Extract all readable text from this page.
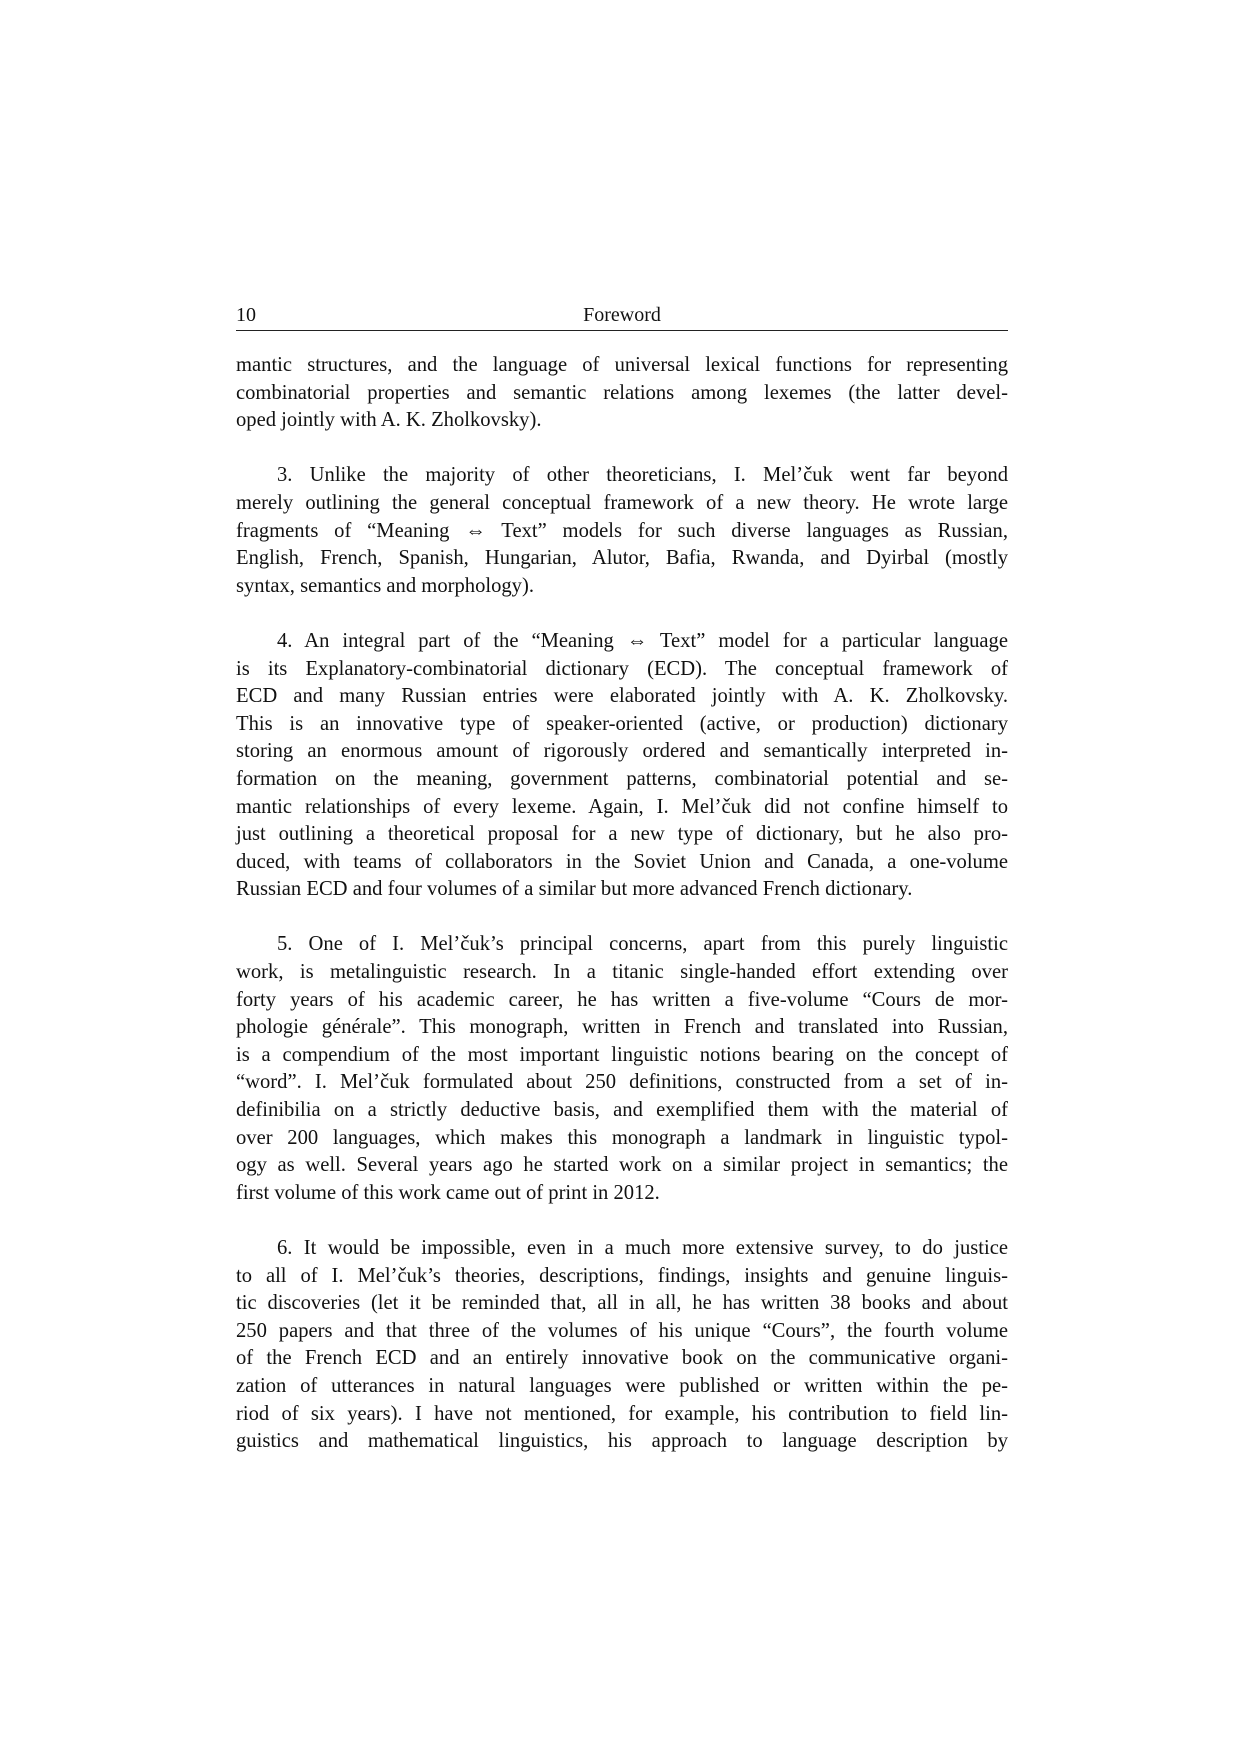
10	Foreword
mantic structures, and the language of universal lexical functions for representing
combinatorial properties and semantic relations among lexemes (the latter devel-
oped jointly with A. K. Zholkovsky).
3. Unlike the majority of other theoreticians, I. Mel’čuk went far beyond
merely outlining the general conceptual framework of a new theory. He wrote large
fragments of “Meaning ⇔ Text” models for such diverse languages as Russian,
English, French, Spanish, Hungarian, Alutor, Bafia, Rwanda, and Dyirbal (mostly
syntax, semantics and morphology).
4. An integral part of the “Meaning ⇔ Text” model for a particular language
is its Explanatory-combinatorial dictionary (ECD). The conceptual framework of
ECD and many Russian entries were elaborated jointly with A. K. Zholkovsky.
This is an innovative type of speaker-oriented (active, or production) dictionary
storing an enormous amount of rigorously ordered and semantically interpreted in-
formation on the meaning, government patterns, combinatorial potential and se-
mantic relationships of every lexeme. Again, I. Mel’čuk did not confine himself to
just outlining a theoretical proposal for a new type of dictionary, but he also pro-
duced, with teams of collaborators in the Soviet Union and Canada, a one-volume
Russian ECD and four volumes of a similar but more advanced French dictionary.
5. One of I. Mel’čuk’s principal concerns, apart from this purely linguistic
work, is metalinguistic research. In a titanic single-handed effort extending over
forty years of his academic career, he has written a five-volume “Cours de mor-
phologie générale”. This monograph, written in French and translated into Russian,
is a compendium of the most important linguistic notions bearing on the concept of
“word”. I. Mel’čuk formulated about 250 definitions, constructed from a set of in-
definibilia on a strictly deductive basis, and exemplified them with the material of
over 200 languages, which makes this monograph a landmark in linguistic typol-
ogy as well. Several years ago he started work on a similar project in semantics; the
first volume of this work came out of print in 2012.
6. It would be impossible, even in a much more extensive survey, to do justice
to all of I. Mel’čuk’s theories, descriptions, findings, insights and genuine linguis-
tic discoveries (let it be reminded that, all in all, he has written 38 books and about
250 papers and that three of the volumes of his unique “Cours”, the fourth volume
of the French ECD and an entirely innovative book on the communicative organi-
zation of utterances in natural languages were published or written within the pe-
riod of six years). I have not mentioned, for example, his contribution to field lin-
guistics and mathematical linguistics, his approach to language description by
